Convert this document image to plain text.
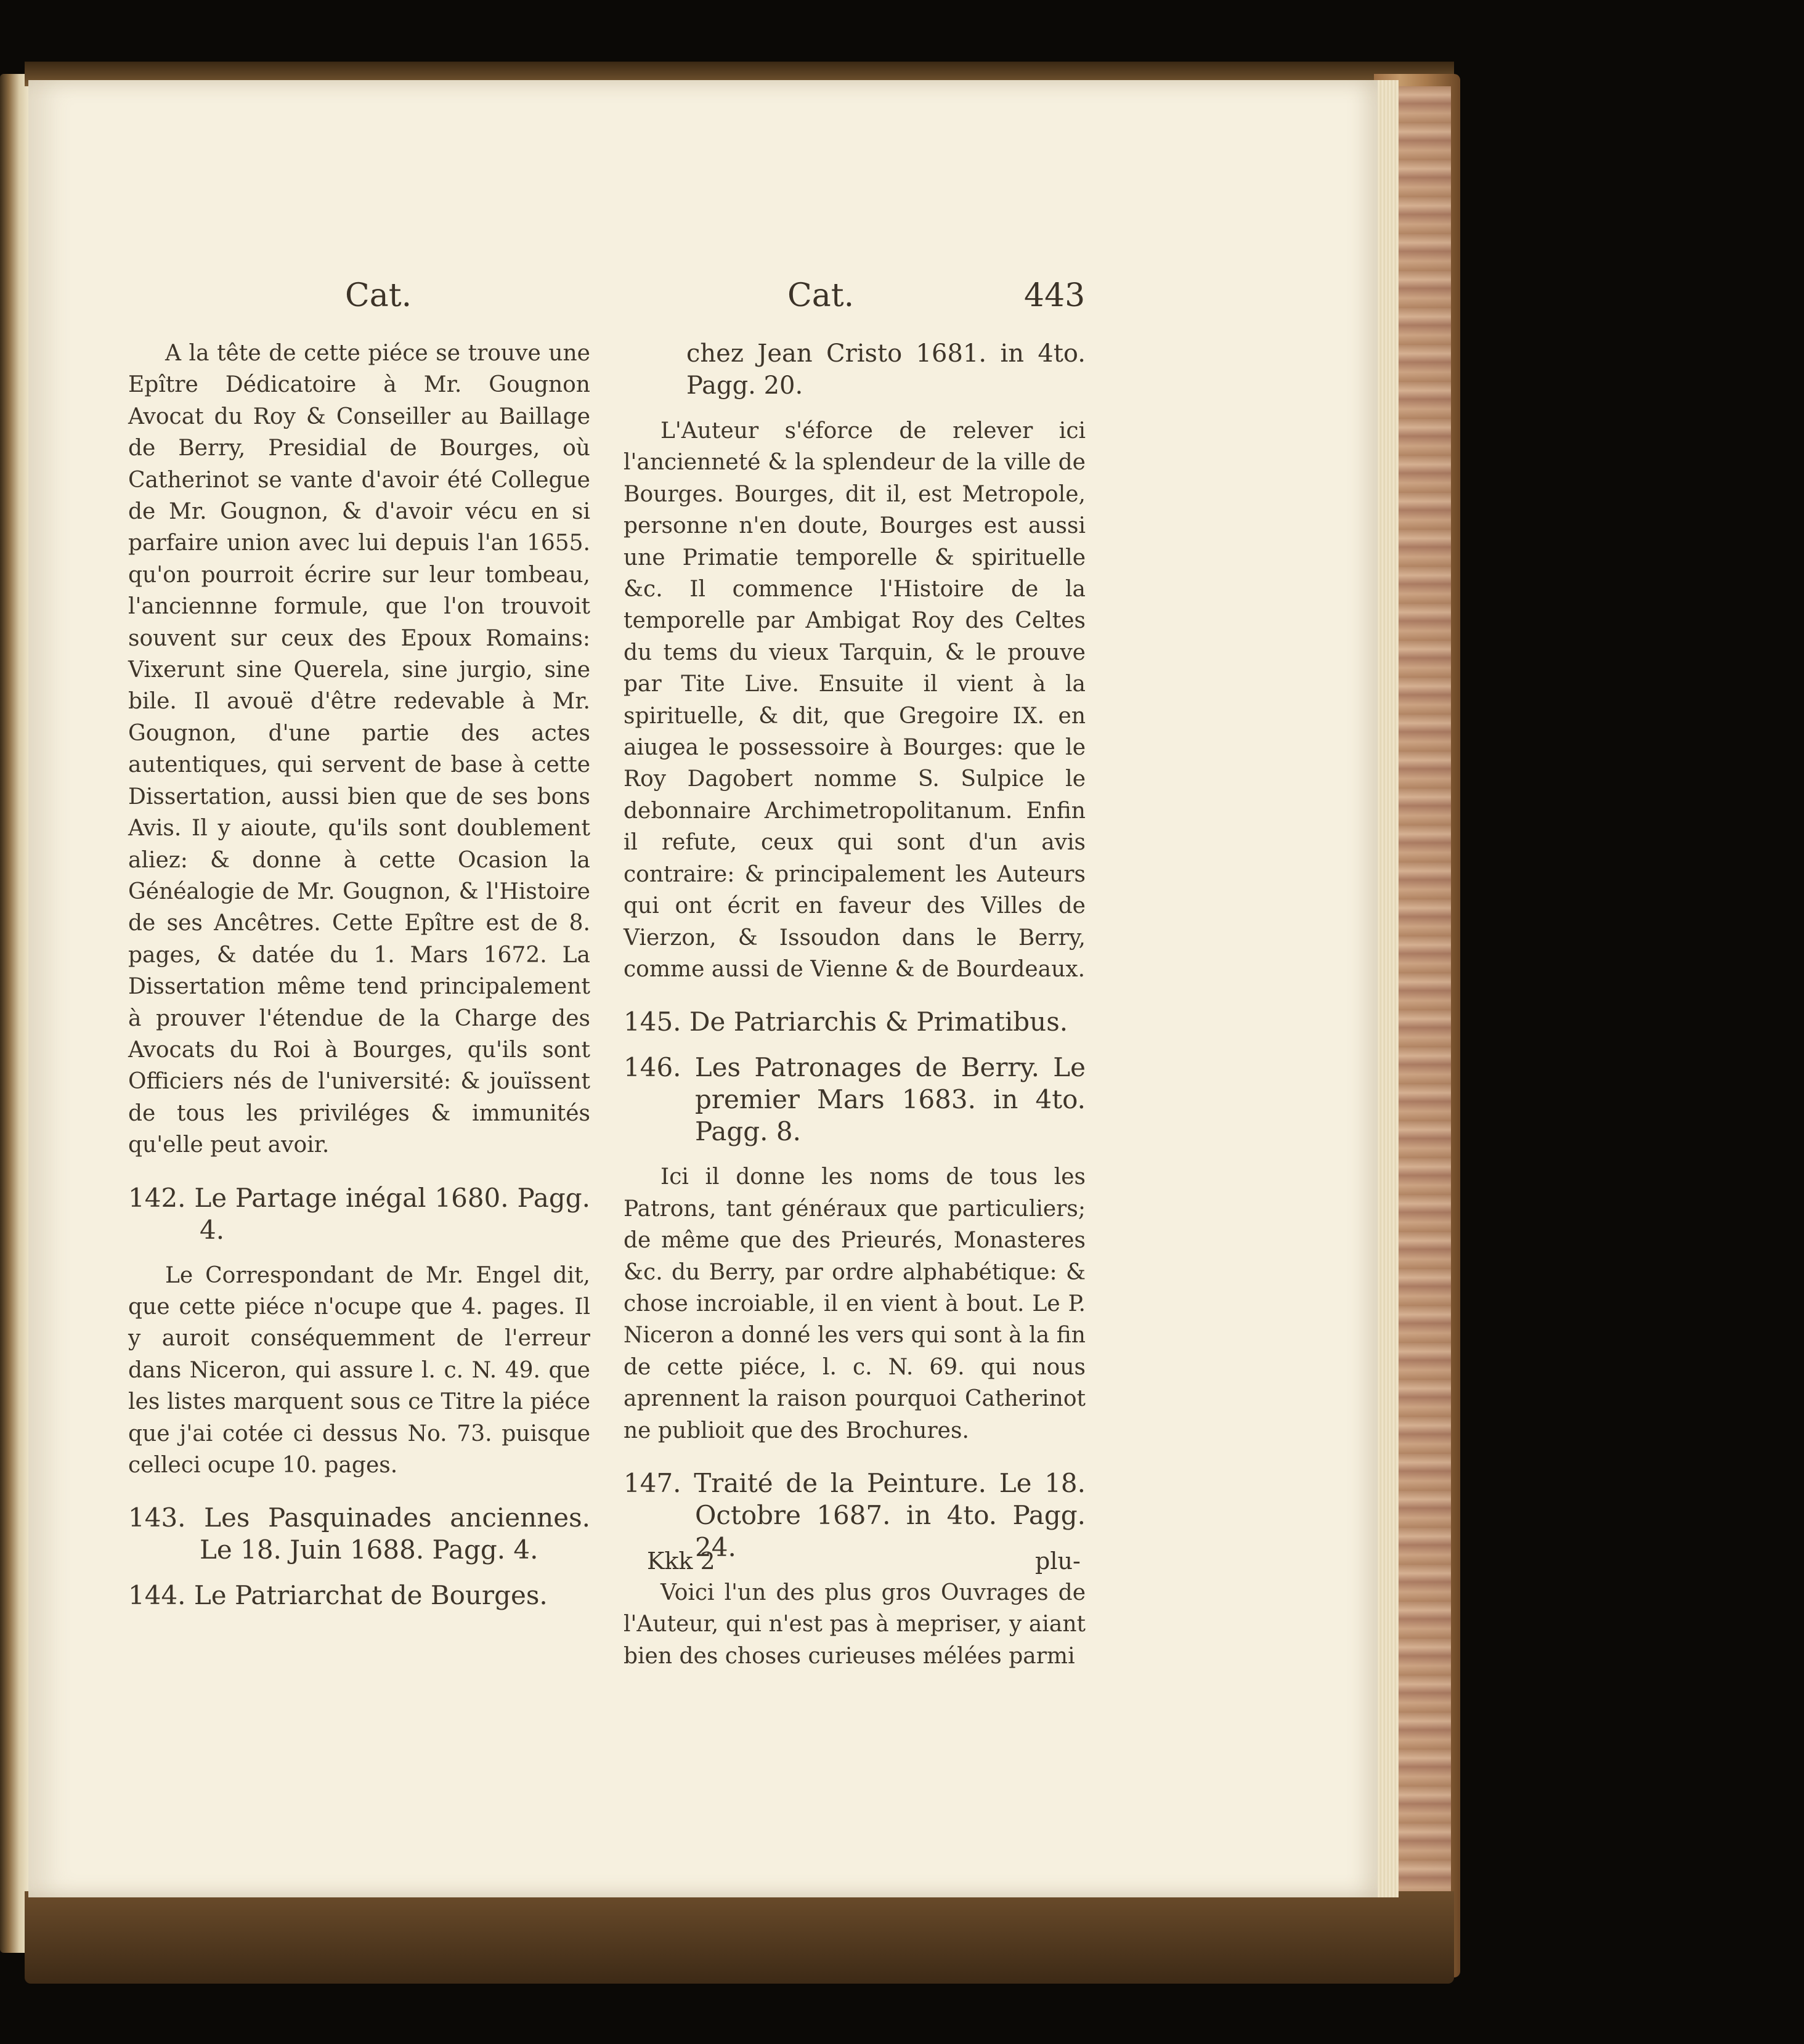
Cat.	Cat.	443

A la tête de cette piéce se trouve une Epître Dédicatoire à Mr. Gougnon Avocat du Roy & Conseiller au Baillage de Berry, Presidial de Bourges, où Catherinot se vante d'avoir été Collegue de Mr. Gougnon, & d'avoir vécu en si parfaire union avec lui depuis l'an 1655. qu'on pourroit écrire sur leur tombeau, l'anciennne formule, que l'on trouvoit souvent sur ceux des Epoux Romains: Vixerunt sine Querela, sine jurgio, sine bile. Il avouë d'être redevable à Mr. Gougnon, d'une partie des actes autentiques, qui servent de base à cette Dissertation, aussi bien que de ses bons Avis. Il y aioute, qu'ils sont doublement aliez: & donne à cette Ocasion la Généalogie de Mr. Gougnon, & l'Histoire de ses Ancêtres. Cette Epître est de 8. pages, & datée du 1. Mars 1672. La Dissertation même tend principalement à prouver l'étendue de la Charge des Avocats du Roi à Bourges, qu'ils sont Officiers nés de l'université: & jouïssent de tous les priviléges & immunités qu'elle peut avoir.

142. Le Partage inégal 1680. Pagg. 4.

Le Correspondant de Mr. Engel dit, que cette piéce n'ocupe que 4. pages. Il y auroit conséquemment de l'erreur dans Niceron, qui assure l. c. N. 49. que les listes marquent sous ce Titre la piéce que j'ai cotée ci dessus No. 73. puisque celleci ocupe 10. pages.

143. Les Pasquinades anciennes. Le 18. Juin 1688. Pagg. 4.

144. Le Patriarchat de Bourges.

chez Jean Cristo 1681. in 4to. Pagg. 20.

L'Auteur s'éforce de relever ici l'ancienneté & la splendeur de la ville de Bourges. Bourges, dit il, est Metropole, personne n'en doute, Bourges est aussi une Primatie temporelle & spirituelle &c. Il commence l'Histoire de la temporelle par Ambigat Roy des Celtes du tems du vieux Tarquin, & le prouve par Tite Live. Ensuite il vient à la spirituelle, & dit, que Gregoire IX. en aiugea le possessoire à Bourges: que le Roy Dagobert nomme S. Sulpice le debonnaire Archimetropolitanum. Enfin il refute, ceux qui sont d'un avis contraire: & principalement les Auteurs qui ont écrit en faveur des Villes de Vierzon, & Issoudon dans le Berry, comme aussi de Vienne & de Bourdeaux.

145. De Patriarchis & Primatibus.

146. Les Patronages de Berry. Le premier Mars 1683. in 4to. Pagg. 8.

Ici il donne les noms de tous les Patrons, tant généraux que particuliers; de même que des Prieurés, Monasteres &c. du Berry, par ordre alphabétique: & chose incroiable, il en vient à bout. Le P. Niceron a donné les vers qui sont à la fin de cette piéce, l. c. N. 69. qui nous aprennent la raison pourquoi Catherinot ne publioit que des Brochures.

147. Traité de la Peinture. Le 18. Octobre 1687. in 4to. Pagg. 24.

Voici l'un des plus gros Ouvrages de l'Auteur, qui n'est pas à mepriser, y aiant bien des choses curieuses mélées parmi

Kkk 2	plu-
